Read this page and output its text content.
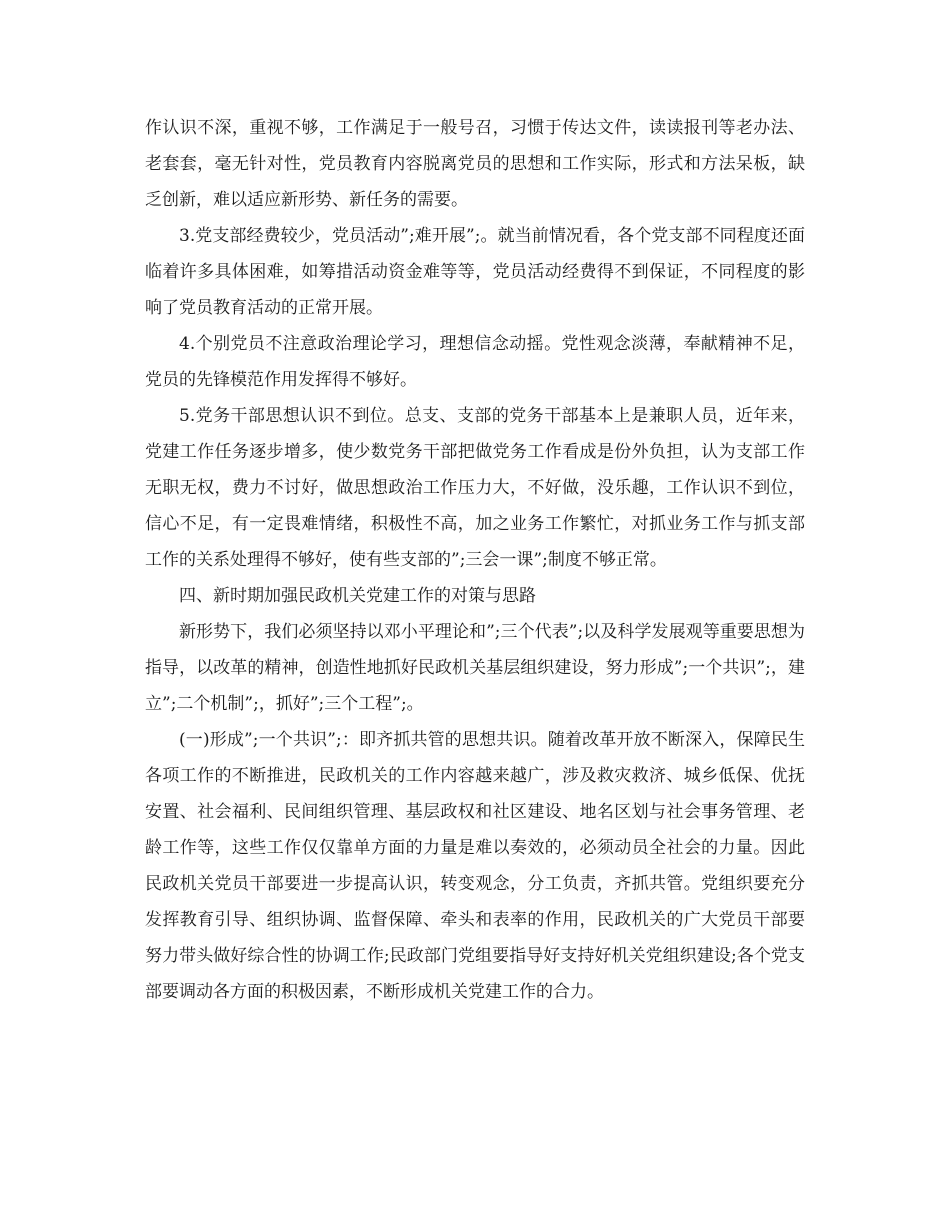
作认识不深，重视不够，工作满足于一般号召，习惯于传达文件，读读报刊等老办法、老套套，毫无针对性，党员教育内容脱离党员的思想和工作实际，形式和方法呆板，缺乏创新，难以适应新形势、新任务的需要。

3.党支部经费较少，党员活动”;难开展”;。就当前情况看，各个党支部不同程度还面临着许多具体困难，如筹措活动资金难等等，党员活动经费得不到保证，不同程度的影响了党员教育活动的正常开展。

4.个别党员不注意政治理论学习，理想信念动摇。党性观念淡薄，奉献精神不足，党员的先锋模范作用发挥得不够好。

5.党务干部思想认识不到位。总支、支部的党务干部基本上是兼职人员，近年来，党建工作任务逐步增多，使少数党务干部把做党务工作看成是份外负担，认为支部工作无职无权，费力不讨好，做思想政治工作压力大，不好做，没乐趣，工作认识不到位，信心不足，有一定畏难情绪，积极性不高，加之业务工作繁忙，对抓业务工作与抓支部工作的关系处理得不够好，使有些支部的”;三会一课”;制度不够正常。

四、新时期加强民政机关党建工作的对策与思路

新形势下，我们必须坚持以邓小平理论和”;三个代表”;以及科学发展观等重要思想为指导，以改革的精神，创造性地抓好民政机关基层组织建设，努力形成”;一个共识”;，建立”;二个机制”;，抓好”;三个工程”;。

(一)形成”;一个共识”;：即齐抓共管的思想共识。随着改革开放不断深入，保障民生各项工作的不断推进，民政机关的工作内容越来越广，涉及救灾救济、城乡低保、优抚安置、社会福利、民间组织管理、基层政权和社区建设、地名区划与社会事务管理、老龄工作等，这些工作仅仅靠单方面的力量是难以奏效的，必须动员全社会的力量。因此民政机关党员干部要进一步提高认识，转变观念，分工负责，齐抓共管。党组织要充分发挥教育引导、组织协调、监督保障、牵头和表率的作用，民政机关的广大党员干部要努力带头做好综合性的协调工作;民政部门党组要指导好支持好机关党组织建设;各个党支部要调动各方面的积极因素，不断形成机关党建工作的合力。
